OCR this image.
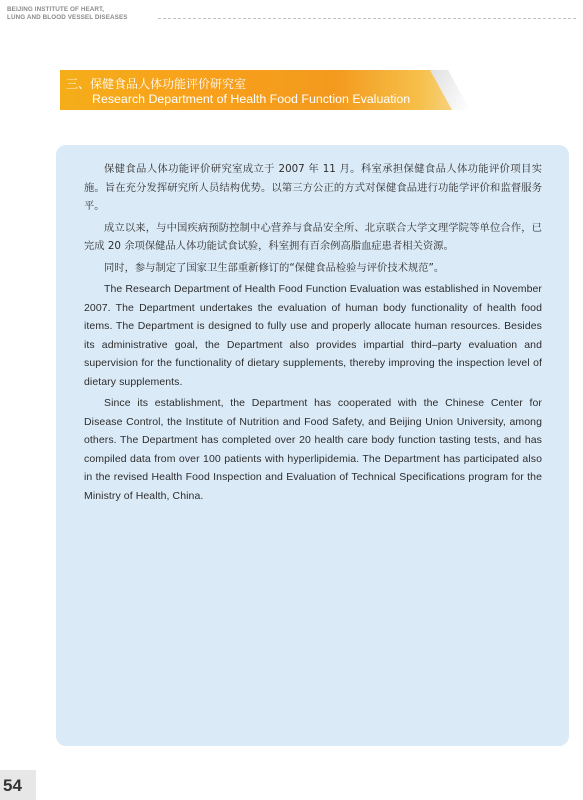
BEIJING INSTITUTE OF HEART,
LUNG AND BLOOD VESSEL DISEASES
三、保健食品人体功能评价研究室
Research Department of Health Food Function Evaluation

保健食品人体功能评价研究室成立于 2007 年 11 月。科室承担保健食品人体功能评价项目实施。旨在充分发挥研究所人员结构优势。以第三方公正的方式对保健食品进行功能学评价和监督服务平。

成立以来，与中国疾病预防控制中心营养与食品安全所、北京联合大学文理学院等单位合作，已完成 20 余项保健品人体功能试食试验，科室拥有百余例高脂血症患者相关资源。

同时，参与制定了国家卫生部重新修订的“保健食品检验与评价技术规范”。

The Research Department of Health Food Function Evaluation was established in November 2007. The Department undertakes the evaluation of human body functionality of health food items. The Department is designed to fully use and properly allocate human resources. Besides its administrative goal, the Department also provides impartial third–party evaluation and supervision for the functionality of dietary supplements, thereby improving the inspection level of dietary supplements.

Since its establishment, the Department has cooperated with the Chinese Center for Disease Control, the Institute of Nutrition and Food Safety, and Beijing Union University, among others. The Department has completed over 20 health care body function tasting tests, and has compiled data from over 100 patients with hyperlipidemia. The Department has participated also in the revised Health Food Inspection and Evaluation of Technical Specifications program for the Ministry of Health, China.

54
